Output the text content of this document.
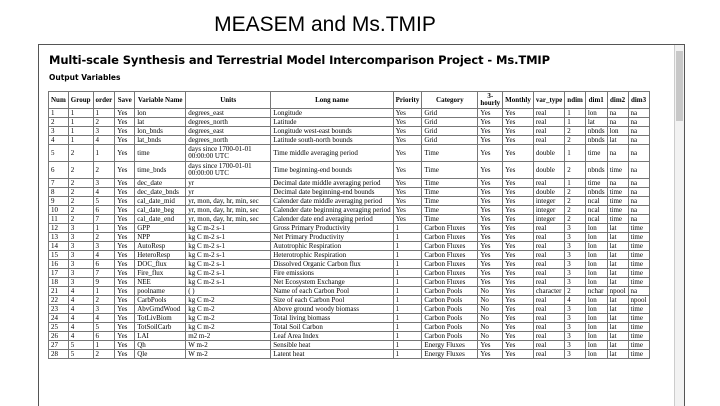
MEASEM and Ms.TMIP
Multi-scale Synthesis and Terrestrial Model Intercomparison Project - Ms.TMIP
Output Variables
Num	Group	order	Save	Variable Name	Units	Long name	Priority	Category	3-hourly	Monthly	var_type	ndim	dim1	dim2	dim3
1	1	1	Yes	lon	degrees_east	Longitude	Yes	Grid	Yes	Yes	real	1	lon	na	na
2	1	2	Yes	lat	degrees_north	Latitude	Yes	Grid	Yes	Yes	real	1	lat	na	na
3	1	3	Yes	lon_bnds	degrees_east	Longitude west-east bounds	Yes	Grid	Yes	Yes	real	2	nbnds	lon	na
4	1	4	Yes	lat_bnds	degrees_north	Latitude south-north bounds	Yes	Grid	Yes	Yes	real	2	nbnds	lat	na
5	2	1	Yes	time	days since 1700-01-01 00:00:00 UTC	Time middle averaging period	Yes	Time	Yes	Yes	double	1	time	na	na
6	2	2	Yes	time_bnds	days since 1700-01-01 00:00:00 UTC	Time beginning-end bounds	Yes	Time	Yes	Yes	double	2	nbnds	time	na
7	2	3	Yes	dec_date	yr	Decimal date middle averaging period	Yes	Time	Yes	Yes	real	1	time	na	na
8	2	4	Yes	dec_date_bnds	yr	Decimal date beginning-end bounds	Yes	Time	Yes	Yes	double	2	nbnds	time	na
9	2	5	Yes	cal_date_mid	yr, mon, day, hr, min, sec	Calender date middle averaging period	Yes	Time	Yes	Yes	integer	2	ncal	time	na
10	2	6	Yes	cal_date_beg	yr, mon, day, hr, min, sec	Calender date beginning averaging period	Yes	Time	Yes	Yes	integer	2	ncal	time	na
11	2	7	Yes	cal_date_end	yr, mon, day, hr, min, sec	Calender date end averaging period	Yes	Time	Yes	Yes	integer	2	ncal	time	na
12	3	1	Yes	GPP	kg C m-2 s-1	Gross Primary Productivity	1	Carbon Fluxes	Yes	Yes	real	3	lon	lat	time
13	3	2	Yes	NPP	kg C m-2 s-1	Net Primary Productivity	1	Carbon Fluxes	Yes	Yes	real	3	lon	lat	time
14	3	3	Yes	AutoResp	kg C m-2 s-1	Autotrophic Respiration	1	Carbon Fluxes	Yes	Yes	real	3	lon	lat	time
15	3	4	Yes	HeteroResp	kg C m-2 s-1	Heterotrophic Respiration	1	Carbon Fluxes	Yes	Yes	real	3	lon	lat	time
16	3	6	Yes	DOC_flux	kg C m-2 s-1	Dissolved Organic Carbon flux	1	Carbon Fluxes	Yes	Yes	real	3	lon	lat	time
17	3	7	Yes	Fire_flux	kg C m-2 s-1	Fire emissions	1	Carbon Fluxes	Yes	Yes	real	3	lon	lat	time
18	3	9	Yes	NEE	kg C m-2 s-1	Net Ecosystem Exchange	1	Carbon Fluxes	Yes	Yes	real	3	lon	lat	time
21	4	1	Yes	poolname	( )	Name of each Carbon Pool	1	Carbon Pools	No	Yes	character	2	nchar	npool	na
22	4	2	Yes	CarbPools	kg C m-2	Size of each Carbon Pool	1	Carbon Pools	No	Yes	real	4	lon	lat	npool
23	4	3	Yes	AbvGrndWood	kg C m-2	Above ground woody biomass	1	Carbon Pools	No	Yes	real	3	lon	lat	time
24	4	4	Yes	TotLivBiom	kg C m-2	Total living biomass	1	Carbon Pools	No	Yes	real	3	lon	lat	time
25	4	5	Yes	TotSoilCarb	kg C m-2	Total Soil Carbon	1	Carbon Pools	No	Yes	real	3	lon	lat	time
26	4	6	Yes	LAI	m2 m-2	Leaf Area Index	1	Carbon Pools	No	Yes	real	3	lon	lat	time
27	5	1	Yes	Qh	W m-2	Sensible heat	1	Energy Fluxes	Yes	Yes	real	3	lon	lat	time
28	5	2	Yes	Qle	W m-2	Latent heat	1	Energy Fluxes	Yes	Yes	real	3	lon	lat	time
